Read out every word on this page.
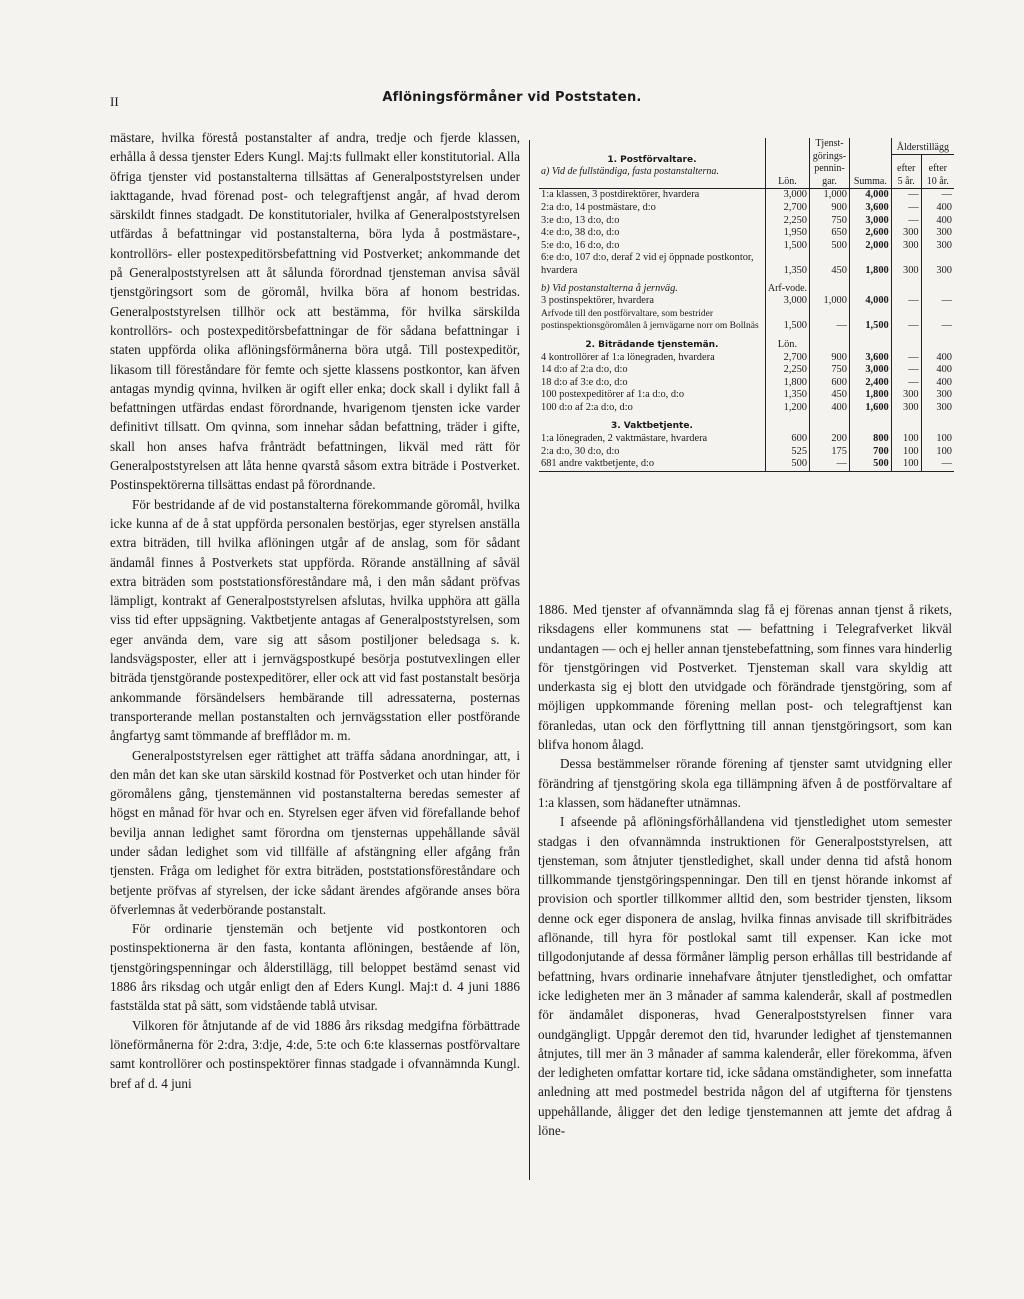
II	Aflöningsförmåner vid Poststaten.

mästare, hvilka förestå postanstalter af andra, tredje och fjerde klassen, erhålla å dessa tjenster Eders Kungl. Maj:ts fullmakt eller konstitutorial. Alla öfriga tjenster vid postanstalterna tillsättas af Generalpoststyrelsen under iakttagande, hvad förenad post- och telegraftjenst angår, af hvad derom särskildt finnes stadgadt. De konstitutorialer, hvilka af Generalpoststyrelsen utfärdas å befattningar vid postanstalterna, böra lyda å postmästare-, kontrollörs- eller postexpeditörsbefattning vid Postverket; ankommande det på Generalpoststyrelsen att åt sålunda förordnad tjensteman anvisa såväl tjenstgöringsort som de göromål, hvilka böra af honom bestridas. Generalpoststyrelsen tillhör ock att bestämma, för hvilka särskilda kontrollörs- och postexpeditörsbefattningar de för sådana befattningar i staten uppförda olika aflöningsförmånerna böra utgå. Till postexpeditör, likasom till föreståndare för femte och sjette klassens postkontor, kan äfven antagas myndig qvinna, hvilken är ogift eller enka; dock skall i dylikt fall å befattningen utfärdas endast förordnande, hvarigenom tjensten icke varder definitivt tillsatt. Om qvinna, som innehar sådan befattning, träder i gifte, skall hon anses hafva frånträdt befattningen, likväl med rätt för Generalpoststyrelsen att låta henne qvarstå såsom extra biträde i Postverket. Postinspektörerna tillsättas endast på förordnande.

För bestridande af de vid postanstalterna förekommande göromål, hvilka icke kunna af de å stat uppförda personalen bestörjas, eger styrelsen anställa extra biträden, till hvilka aflöningen utgår af de anslag, som för sådant ändamål finnes å Postverkets stat uppförda. Rörande anställning af såväl extra biträden som poststationsföreståndare må, i den mån sådant pröfvas lämpligt, kontrakt af Generalpoststyrelsen afslutas, hvilka upphöra att gälla viss tid efter uppsägning. Vaktbetjente antagas af Generalpoststyrelsen, som eger använda dem, vare sig att såsom postiljoner beledsaga s. k. landsvägsposter, eller att i jernvägspostkupé besörja postutvexlingen eller biträda tjenstgörande postexpeditörer, eller ock att vid fast postanstalt besörja ankommande försändelsers hembärande till adressaterna, posternas transporterande mellan postanstalten och jernvägsstation eller postförande ångfartyg samt tömmande af brefflådor m. m.

Generalpoststyrelsen eger rättighet att träffa sådana anordningar, att, i den mån det kan ske utan särskild kostnad för Postverket och utan hinder för göromålens gång, tjenstemännen vid postanstalterna beredas semester af högst en månad för hvar och en. Styrelsen eger äfven vid förefallande behof bevilja annan ledighet samt förordna om tjensternas uppehållande såväl under sådan ledighet som vid tillfälle af afstängning eller afgång från tjensten. Fråga om ledighet för extra biträden, poststationsföreståndare och betjente pröfvas af styrelsen, der icke sådant ärendes afgörande anses böra öfverlemnas åt vederbörande postanstalt.

För ordinarie tjenstemän och betjente vid postkontoren och postinspektionerna är den fasta, kontanta aflöningen, bestående af lön, tjenstgöringspenningar och ålderstillägg, till beloppet bestämd senast vid 1886 års riksdag och utgår enligt den af Eders Kungl. Maj:t d. 4 juni 1886 faststälda stat på sätt, som vidstående tablå utvisar.

Vilkoren för åtnjutande af de vid 1886 års riksdag medgifna förbättrade löneförmånerna för 2:dra, 3:dje, 4:de, 5:te och 6:te klassernas postförvaltare samt kontrollörer och postinspektörer finnas stadgade i ofvannämnda Kungl. bref af d. 4 juni

1. Postförvaltare.
a) Vid de fullständiga, fasta postanstalterna.	Lön.	Tjenst-görings-pennin-gar.	Summa.	Ålderstillägg	
				efter 5 år.	efter 10 år.
1:a klassen, 3 postdirektörer, hvardera	3,000	1,000	4,000	—	—
2:a d:o, 14 postmästare, d:o	2,700	900	3,600	—	400
3:e d:o, 13 d:o, d:o	2,250	750	3,000	—	400
4:e d:o, 38 d:o, d:o	1,950	650	2,600	300	300
5:e d:o, 16 d:o, d:o	1,500	500	2,000	300	300
6:e d:o, 107 d:o, deraf 2 vid ej öppnade postkontor, hvardera	1,350	450	1,800	300	300
b) Vid postanstalterna å jernväg.	Arf-vode.				
3 postinspektörer, hvardera	3,000	1,000	4,000	—	—
Arfvode till den postförvaltare, som bestrider postinspektionsgöromålen å jernvägarne norr om Bollnäs	1,500	—	1,500	—	—
2. Biträdande tjenstemän.	Lön.				
4 kontrollörer af 1:a lönegraden, hvardera	2,700	900	3,600	—	400
14 d:o af 2:a d:o, d:o	2,250	750	3,000	—	400
18 d:o af 3:e d:o, d:o	1,800	600	2,400	—	400
100 postexpeditörer af 1:a d:o, d:o	1,350	450	1,800	300	300
100 d:o af 2:a d:o, d:o	1,200	400	1,600	300	300
3. Vaktbetjente.					
1:a lönegraden, 2 vaktmästare, hvardera	600	200	800	100	100
2:a d:o, 30 d:o, d:o	525	175	700	100	100
681 andre vaktbetjente, d:o	500	—	500	100	—

1886. Med tjenster af ofvannämnda slag få ej förenas annan tjenst å rikets, riksdagens eller kommunens stat — befattning i Telegrafverket likväl undantagen — och ej heller annan tjenstebefattning, som finnes vara hinderlig för tjenstgöringen vid Postverket. Tjensteman skall vara skyldig att underkasta sig ej blott den utvidgade och förändrade tjenstgöring, som af möjligen uppkommande förening mellan post- och telegraftjenst kan föranledas, utan ock den förflyttning till annan tjenstgöringsort, som kan blifva honom ålagd.

Dessa bestämmelser rörande förening af tjenster samt utvidgning eller förändring af tjenstgöring skola ega tillämpning äfven å de postförvaltare af 1:a klassen, som hädanefter utnämnas.

I afseende på aflöningsförhållandena vid tjenstledighet utom semester stadgas i den ofvannämnda instruktionen för Generalpoststyrelsen, att tjensteman, som åtnjuter tjenstledighet, skall under denna tid afstå honom tillkommande tjenstgöringspenningar. Den till en tjenst hörande inkomst af provision och sportler tillkommer alltid den, som bestrider tjensten, liksom denne ock eger disponera de anslag, hvilka finnas anvisade till skrifbiträdes aflönande, till hyra för postlokal samt till expenser. Kan icke mot tillgodonjutande af dessa förmåner lämplig person erhållas till bestridande af befattning, hvars ordinarie innehafvare åtnjuter tjenstledighet, och omfattar icke ledigheten mer än 3 månader af samma kalenderår, skall af postmedlen för ändamålet disponeras, hvad Generalpoststyrelsen finner vara oundgängligt. Uppgår deremot den tid, hvarunder ledighet af tjenstemannen åtnjutes, till mer än 3 månader af samma kalenderår, eller förekomma, äfven der ledigheten omfattar kortare tid, icke sådana omständigheter, som innefatta anledning att med postmedel bestrida någon del af utgifterna för tjenstens uppehållande, åligger det den ledige tjenstemannen att jemte det afdrag å löne-
